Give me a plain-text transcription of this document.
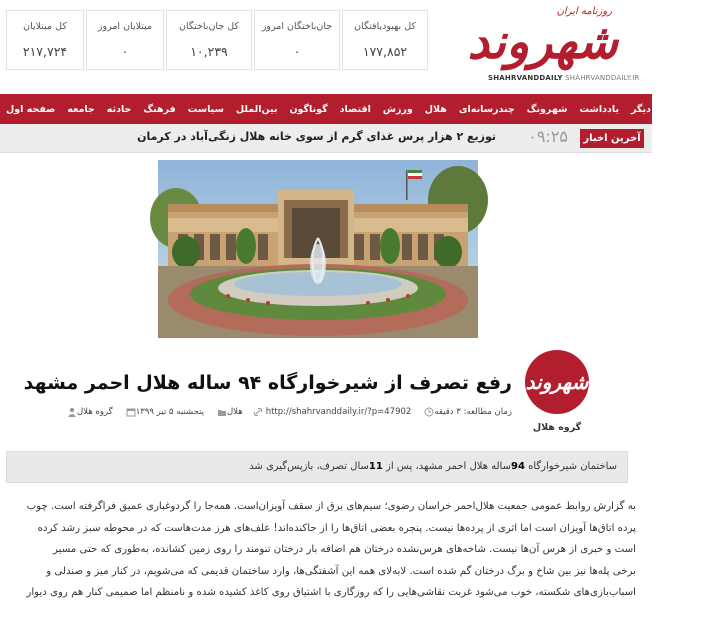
کل میتلایان
۲۱۷,۷۲۴
میتلایان امروز
۰
کل جان‌باختگان
۱۰,۲۳۹
جان‌باختگان امروز
۰
کل بهبودیافتگان
۱۷۷,۸۵۲
روزنامه ایران
شهروند
SHAHRVANDDAILY SHAHRVANDDAILY.IR
صفحه اول	جامعه	حادثه	فرهنگ	سیاست	بین‌الملل	گوناگون	اقتصاد	ورزش	هلال	چندرسانه‌ای	شهرونگ	یادداشت	از رسانه‌های دیگر
آخرین اخبار
۰۹:۲۵
توزیع ۲ هزار پرس غذای گرم از سوی خانه هلال زنگی‌آباد در کرمان
شهروند
گروه هلال
رفع تصرف از شیرخوارگاه ۹۴ ساله هلال احمر مشهد
گروه هلال	پنجشنبه ۵ تیر ۱۳۹۹	هلال	http://shahrvanddaily.ir/?p=47902	زمان مطالعه: ۳ دقیقه
ساختمان شیرخوارگاه 94ساله هلال احمر مشهد، پس از 11سال تصرف، بازپس‌گیری شد

به گزارش روابط عمومی جمعیت هلال‌احمر خراسان رضوی؛ سیم‌های برق از سقف آویزان‌است. همه‌جا را گردوغباری عمیق فراگرفته است. چوب

پرده اتاق‌ها آویزان است اما اثری از پرده‌ها نیست. پنجره بعضی اتاق‌ها را از جاکنده‌اند! علف‌های هرز مدت‌هاست که در محوطه سبز رشد کرده

است و خبری از هرس آن‌ها نیست. شاخه‌های هرس‌نشده درختان هم اضافه بار درختان تنومند را روی زمین کشانده، به‌طوری که حتی مسیر

برخی پله‌ها نیز بین شاخ و برگ درختان گم شده است. لابه‌لای همه این آشفتگی‌ها، وارد ساختمان قدیمی که می‌شویم، در کنار میز و صندلی و

اسباب‌بازی‌های شکسته، خوب می‌شود غربت نقاشی‌هایی را که روزگاری با اشتیاق روی کاغذ کشیده شده و نامنظم اما صمیمی کنار هم روی دیوار
